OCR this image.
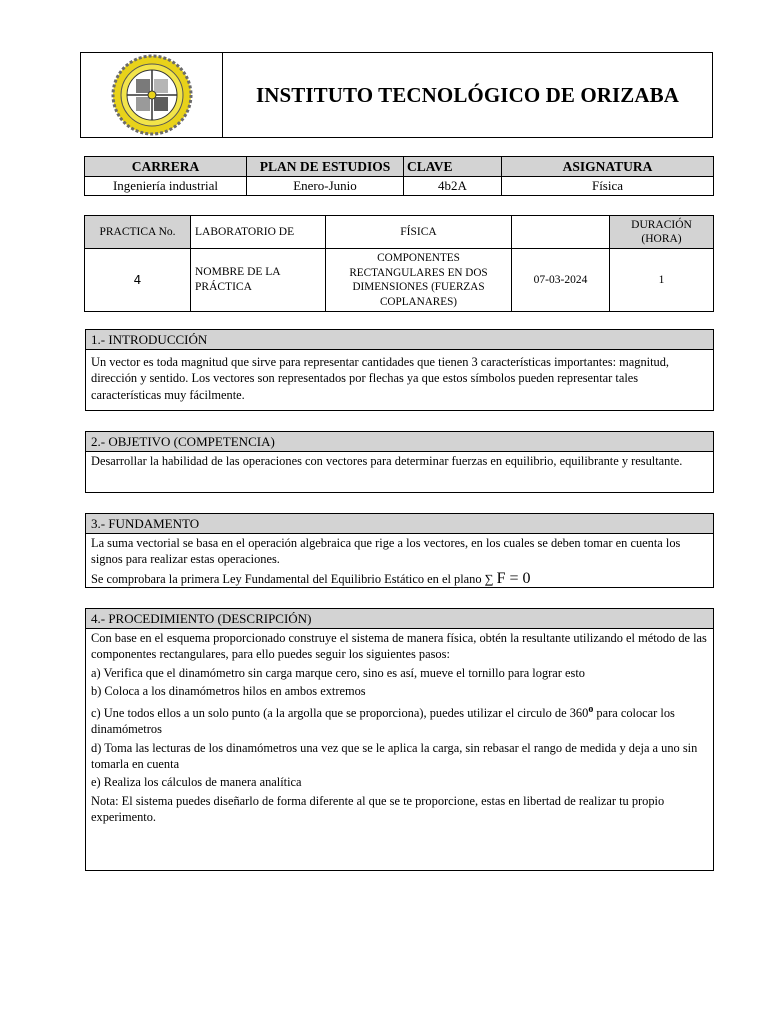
INSTITUTO TECNOLÓGICO DE ORIZABA
CARRERA	PLAN DE ESTUDIOS	CLAVE	ASIGNATURA
Ingeniería industrial	Enero-Junio	4b2A	Física
PRACTICA No.	LABORATORIO DE	FÍSICA		DURACIÓN (HORA)
4	NOMBRE DE LA PRÁCTICA	COMPONENTES RECTANGULARES EN DOS DIMENSIONES (FUERZAS COPLANARES)	07-03-2024	1
1.- INTRODUCCIÓN
Un vector es toda magnitud que sirve para representar cantidades que tienen 3 características importantes: magnitud, dirección y sentido. Los vectores son representados por flechas ya que estos símbolos pueden representar tales características muy fácilmente.
2.- OBJETIVO (COMPETENCIA)
Desarrollar la habilidad de las operaciones con vectores para determinar fuerzas en equilibrio, equilibrante y resultante.
3.- FUNDAMENTO
La suma vectorial se basa en el operación algebraica que rige a los vectores, en los cuales se deben tomar en cuenta los signos para realizar estas operaciones.
Se comprobara la primera Ley Fundamental del Equilibrio Estático en el plano ∑ F = 0
4.- PROCEDIMIENTO (DESCRIPCIÓN)
Con base en el esquema proporcionado construye el sistema de manera física, obtén la resultante utilizando el método de las componentes rectangulares, para ello puedes seguir los siguientes pasos:
a) Verifica que el dinamómetro sin carga marque cero, sino es así, mueve el tornillo para lograr esto
b) Coloca a los dinamómetros hilos en ambos extremos
c) Une todos ellos a un solo punto (a la argolla que se proporciona), puedes utilizar el circulo de 360$^o$ para colocar los dinamómetros
d) Toma las lecturas de los dinamómetros una vez que se le aplica la carga, sin rebasar el rango de medida y deja a uno sin tomarla en cuenta
e) Realiza los cálculos de manera analítica
Nota: El sistema puedes diseñarlo de forma diferente al que se te proporcione, estas en libertad de realizar tu propio experimento.
